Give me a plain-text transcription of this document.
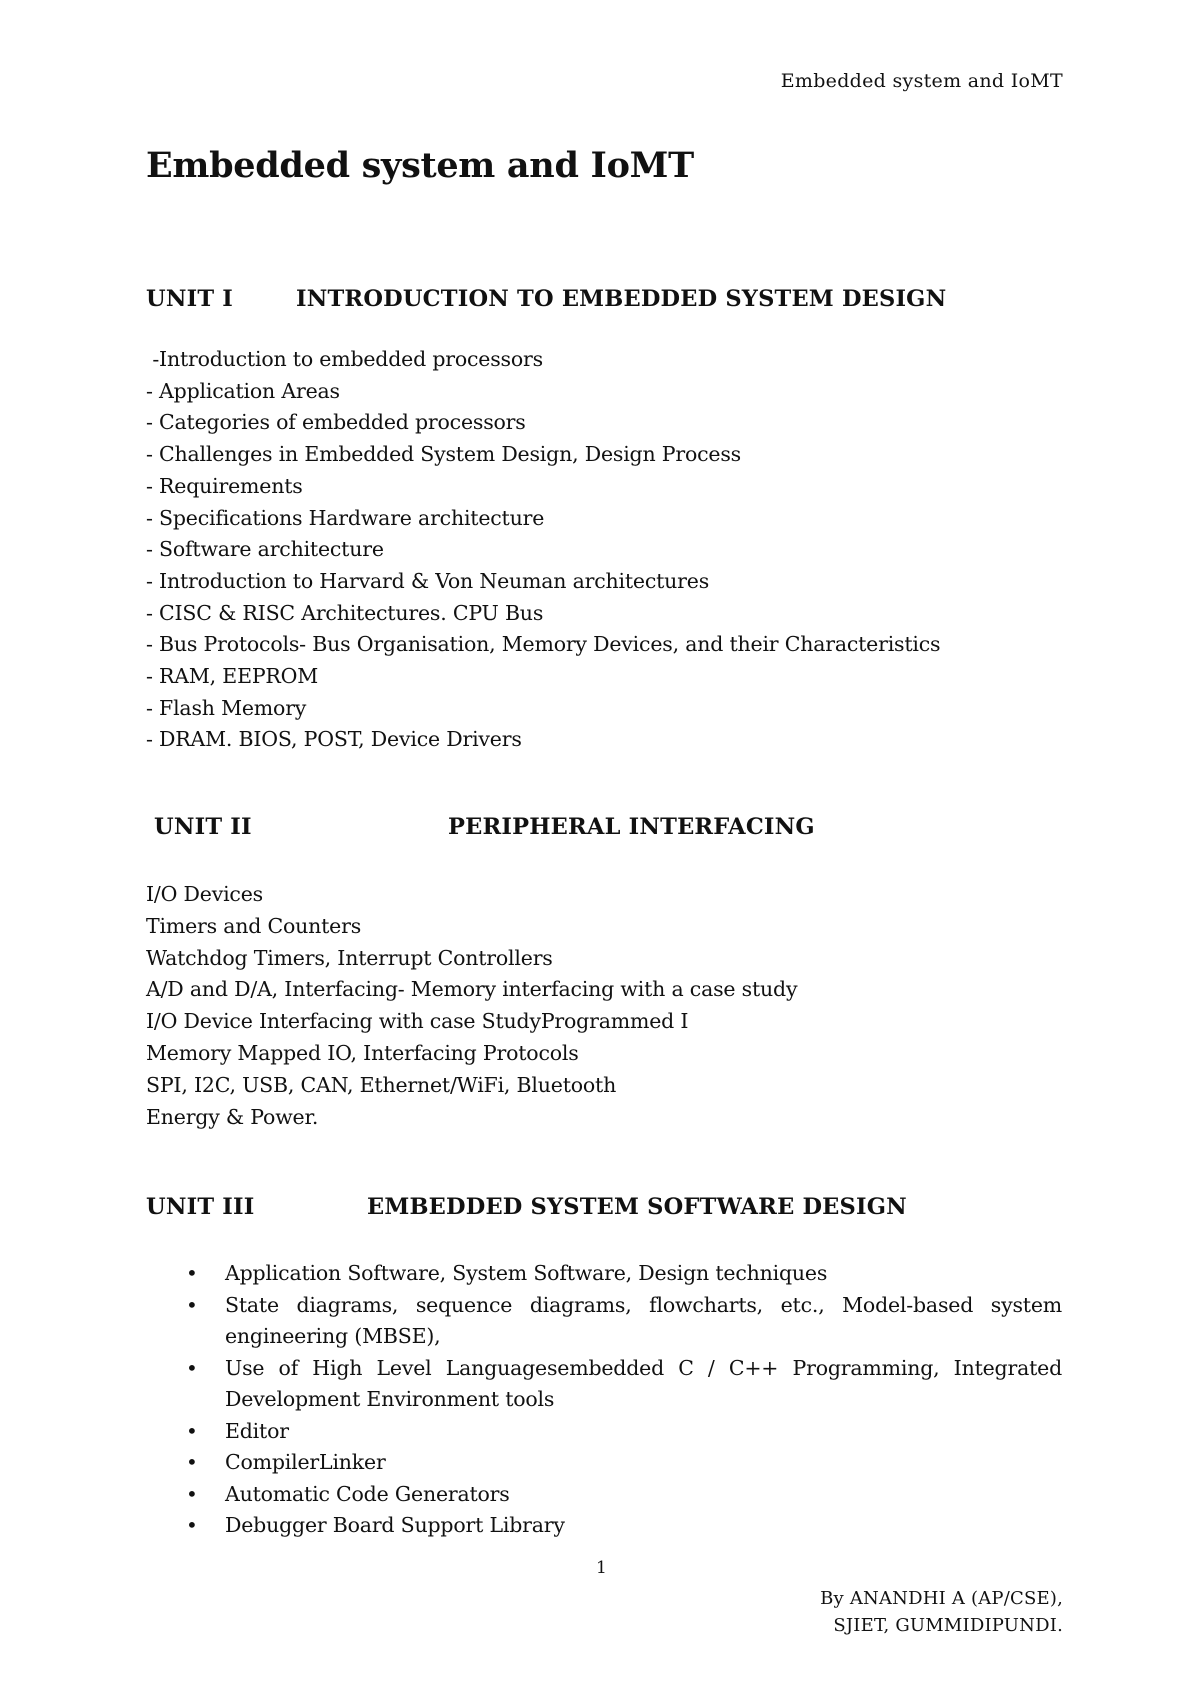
Embedded system and IoMT
Embedded system and IoMT
UNIT I	INTRODUCTION TO EMBEDDED SYSTEM DESIGN
-Introduction to embedded processors
- Application Areas
- Categories of embedded processors
- Challenges in Embedded System Design, Design Process
- Requirements
- Specifications Hardware architecture
- Software architecture
- Introduction to Harvard & Von Neuman architectures
- CISC & RISC Architectures. CPU Bus
- Bus Protocols- Bus Organisation, Memory Devices, and their Characteristics
- RAM, EEPROM
- Flash Memory
- DRAM. BIOS, POST, Device Drivers
UNIT II	PERIPHERAL INTERFACING
I/O Devices
Timers and Counters
Watchdog Timers, Interrupt Controllers
A/D and D/A, Interfacing- Memory interfacing with a case study
I/O Device Interfacing with case StudyProgrammed I
Memory Mapped IO, Interfacing Protocols
SPI, I2C, USB, CAN, Ethernet/WiFi, Bluetooth
Energy & Power.
UNIT III	EMBEDDED SYSTEM SOFTWARE DESIGN
• Application Software, System Software, Design techniques
• State diagrams, sequence diagrams, flowcharts, etc., Model-based system engineering (MBSE),
• Use of High Level Languagesembedded C / C++ Programming, Integrated Development Environment tools
• Editor
• CompilerLinker
• Automatic Code Generators
• Debugger Board Support Library
1
By ANANDHI A (AP/CSE),
SJIET, GUMMIDIPUNDI.
